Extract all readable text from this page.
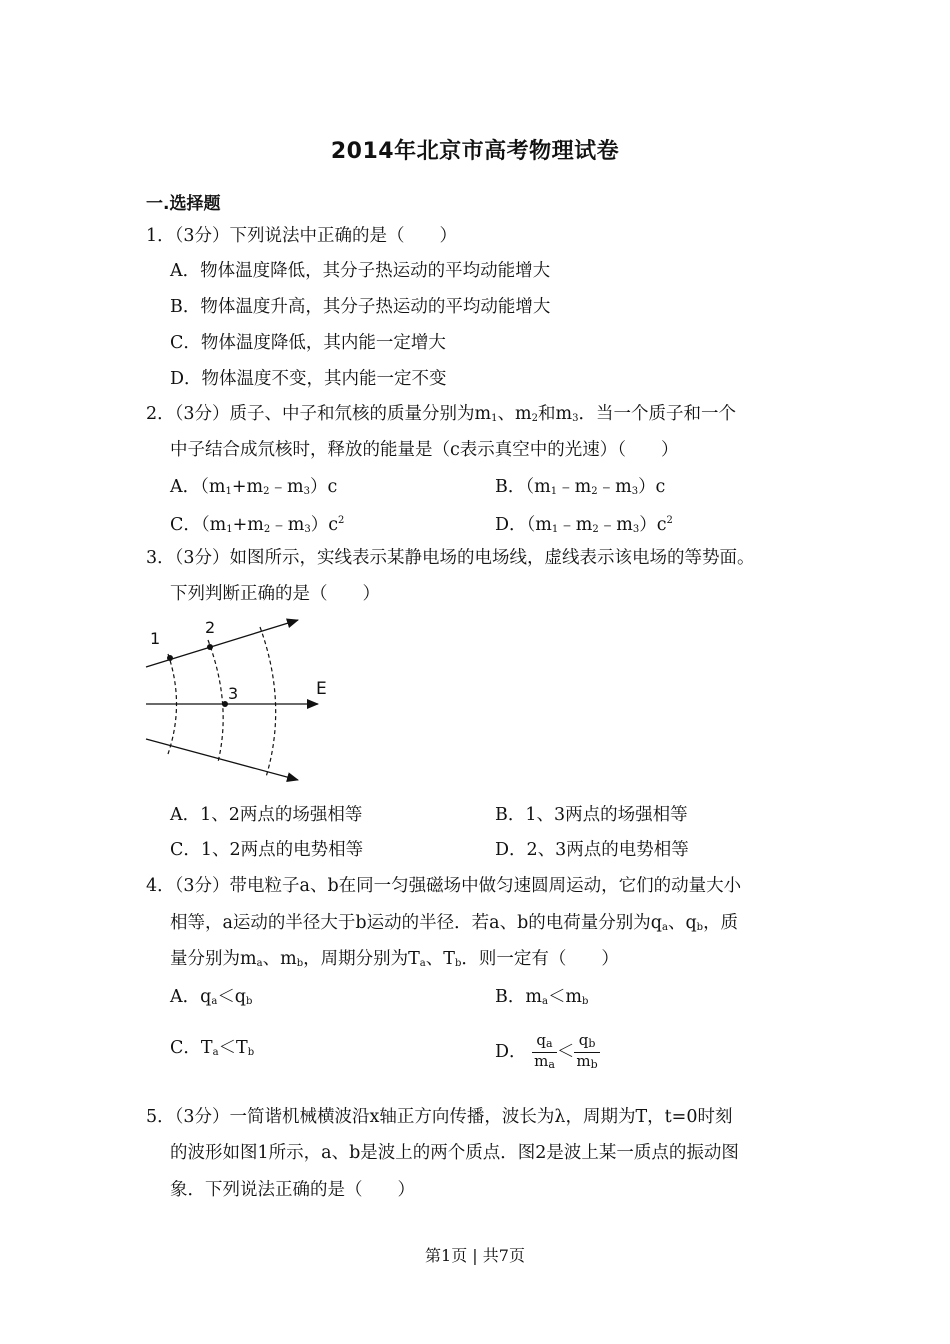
2014年北京市高考物理试卷
一.选择题
1．（3分）下列说法中正确的是（　　）
A．物体温度降低，其分子热运动的平均动能增大
B．物体温度升高，其分子热运动的平均动能增大
C．物体温度降低，其内能一定增大
D．物体温度不变，其内能一定不变
2．（3分）质子、中子和氘核的质量分别为$m_1$、$m_2$和$m_3$．当一个质子和一个
中子结合成氘核时，释放的能量是（c表示真空中的光速）（　　）
A．$(m_1+m_2﹣m_3)c$	B．$(m_1﹣m_2﹣m_3)c$
C．$(m_1+m_2﹣m_3)c^2$	D．$(m_1﹣m_2﹣m_3)c^2$
3．（3分）如图所示，实线表示某静电场的电场线，虚线表示该电场的等势面。
下列判断正确的是（　　）
1
2
3	E
A．1、2两点的场强相等	B．1、3两点的场强相等
C．1、2两点的电势相等	D．2、3两点的电势相等
4．（3分）带电粒子a、b在同一匀强磁场中做匀速圆周运动，它们的动量大小
相等，a运动的半径大于b运动的半径．若a、b的电荷量分别为$q_a$、$q_b$，质
量分别为$m_a$、$m_b$，周期分别为$T_a$、$T_b$．则一定有（　　）
A．$q_a<q_b$	B．$m_a<m_b$
C．$T_a<T_b$	D． $\frac{q_a}{m_a} < \frac{q_b}{m_b}$
5．（3分）一简谐机械横波沿x轴正方向传播，波长为λ，周期为T，t=0时刻
的波形如图1所示，a、b是波上的两个质点．图2是波上某一质点的振动图
象．下列说法正确的是（　　）
第1页 | 共7页
